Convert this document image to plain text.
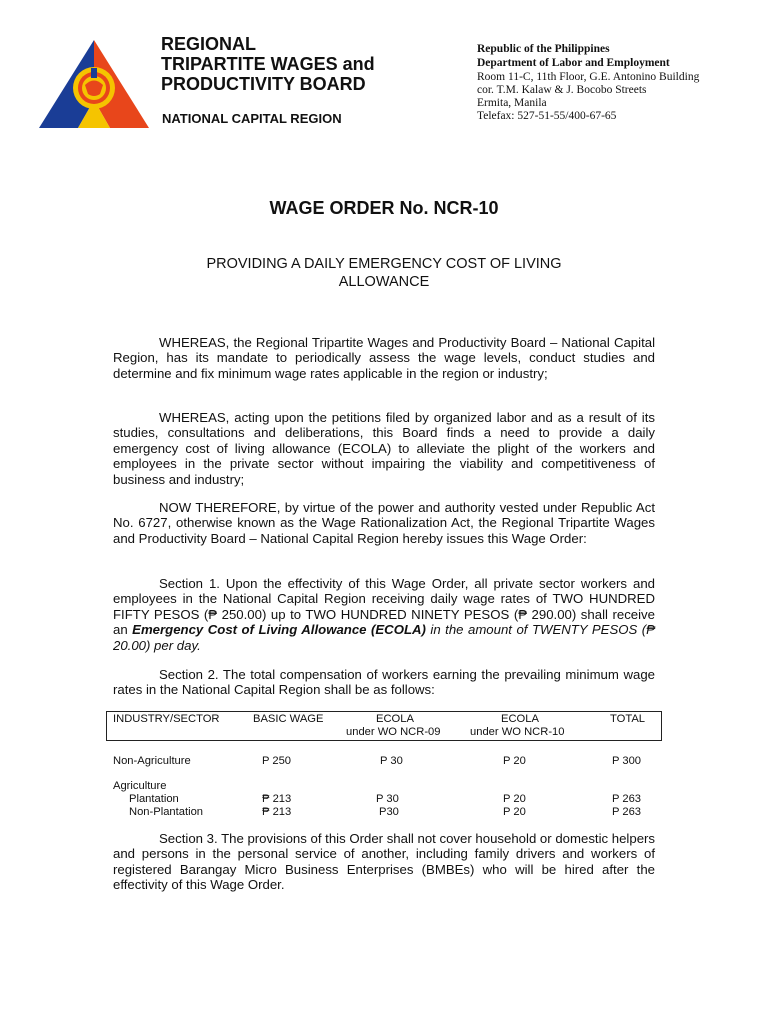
REGIONAL
TRIPARTITE WAGES and
PRODUCTIVITY BOARD
NATIONAL CAPITAL REGION
Republic of the Philippines
Department of Labor and Employment
Room 11-C, 11th Floor, G.E. Antonino Building
cor. T.M. Kalaw & J. Bocobo Streets
Ermita, Manila
Telefax: 527-51-55/400-67-65
WAGE ORDER No. NCR-10
PROVIDING A DAILY EMERGENCY COST OF LIVING ALLOWANCE

WHEREAS, the Regional Tripartite Wages and Productivity Board – National Capital Region, has its mandate to periodically assess the wage levels, conduct studies and determine and fix minimum wage rates applicable in the region or industry;

WHEREAS, acting upon the petitions filed by organized labor and as a result of its studies, consultations and deliberations, this Board finds a need to provide a daily emergency cost of living allowance (ECOLA) to alleviate the plight of the workers and employees in the private sector without impairing the viability and competitiveness of business and industry;

NOW THEREFORE, by virtue of the power and authority vested under Republic Act No. 6727, otherwise known as the Wage Rationalization Act, the Regional Tripartite Wages and Productivity Board – National Capital Region hereby issues this Wage Order:

Section 1. Upon the effectivity of this Wage Order, all private sector workers and employees in the National Capital Region receiving daily wage rates of TWO HUNDRED FIFTY PESOS (₱ 250.00) up to TWO HUNDRED NINETY PESOS (₱ 290.00) shall receive an Emergency Cost of Living Allowance (ECOLA) in the amount of TWENTY PESOS (₱ 20.00) per day.

Section 2. The total compensation of workers earning the prevailing minimum wage rates in the National Capital Region shall be as follows:

INDUSTRY/SECTOR	BASIC WAGE	ECOLA	ECOLA	TOTAL
under WO NCR-09	under WO NCR-10
Non-Agriculture	P 250	P 30	P 20	P 300
Agriculture
Plantation	₱ 213	P 30	P 20	P 263
Non-Plantation	₱ 213	P30	P 20	P 263

Section 3. The provisions of this Order shall not cover household or domestic helpers and persons in the personal service of another, including family drivers and workers of registered Barangay Micro Business Enterprises (BMBEs) who will be hired after the effectivity of this Wage Order.
